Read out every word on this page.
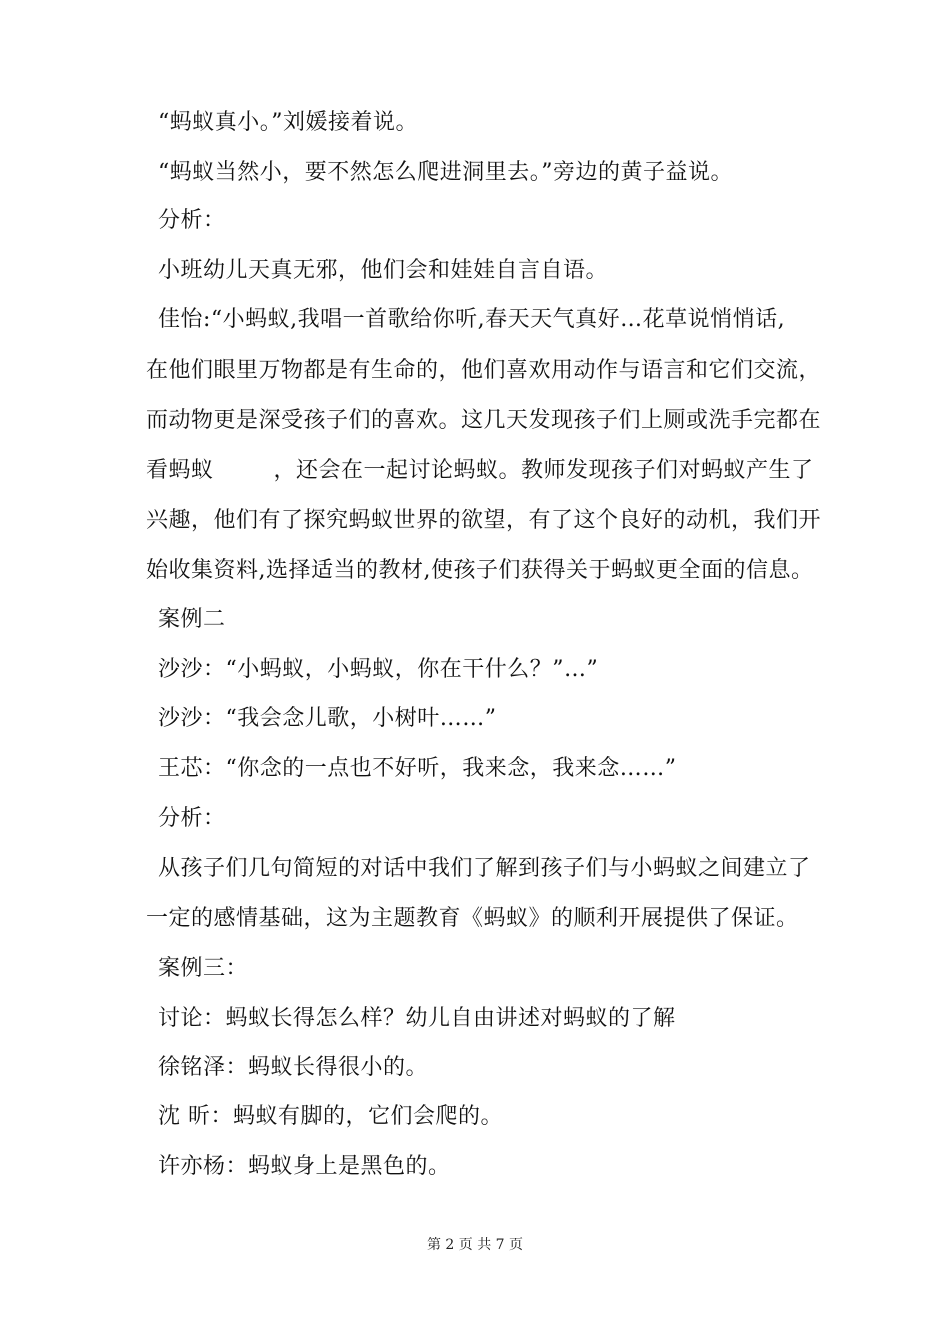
“蚂蚁真小。”刘媛接着说。
“蚂蚁当然小，要不然怎么爬进洞里去。”旁边的黄子益说。
分析：
小班幼儿天真无邪，他们会和娃娃自言自语。
佳怡:“小蚂蚁,我唱一首歌给你听,春天天气真好…花草说悄悄话,
在他们眼里万物都是有生命的，他们喜欢用动作与语言和它们交流，
而动物更是深受孩子们的喜欢。这几天发现孩子们上厕或洗手完都在
看蚂蚁        ，还会在一起讨论蚂蚁。教师发现孩子们对蚂蚁产生了
兴趣，他们有了探究蚂蚁世界的欲望，有了这个良好的动机，我们开
始收集资料,选择适当的教材,使孩子们获得关于蚂蚁更全面的信息。
案例二
沙沙：“小蚂蚁，小蚂蚁，你在干什么？”…”
沙沙：“我会念儿歌，小树叶……”
王芯：“你念的一点也不好听，我来念，我来念……”
分析：
从孩子们几句简短的对话中我们了解到孩子们与小蚂蚁之间建立了
一定的感情基础，这为主题教育《蚂蚁》的顺利开展提供了保证。
案例三：
讨论：蚂蚁长得怎么样？幼儿自由讲述对蚂蚁的了解
徐铭泽：蚂蚁长得很小的。
沈 昕：蚂蚁有脚的，它们会爬的。
许亦杨：蚂蚁身上是黑色的。
第 2 页 共 7 页
